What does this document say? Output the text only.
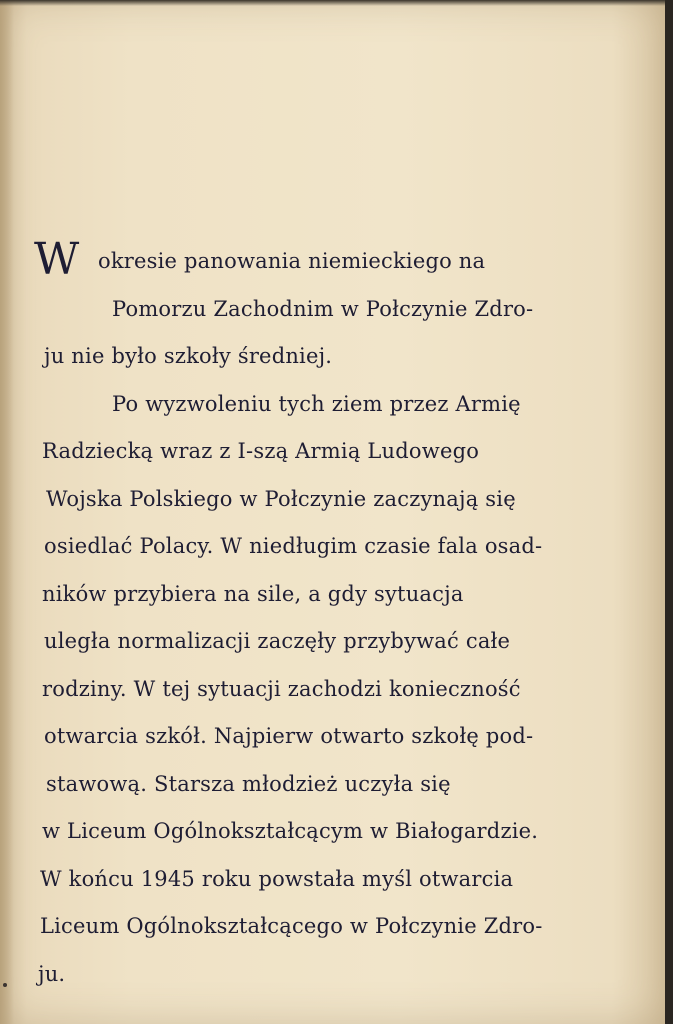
W okresie panowania niemieckiego na
Pomorzu Zachodnim w Połczynie Zdro-
ju nie było szkoły średniej.
Po wyzwoleniu tych ziem przez Armię
Radziecką wraz z I-szą Armią Ludowego
Wojska Polskiego w Połczynie zaczynają się
osiedlać Polacy. W niedługim czasie fala osad-
ników przybiera na sile, a gdy sytuacja
uległa normalizacji zaczęły przybywać całe
rodziny. W tej sytuacji zachodzi konieczność
otwarcia szkół. Najpierw otwarto szkołę pod-
stawową. Starsza młodzież uczyła się
w Liceum Ogólnokształcącym w Białogardzie.
W końcu 1945 roku powstała myśl otwarcia
Liceum Ogólnokształcącego w Połczynie Zdro-
ju.
